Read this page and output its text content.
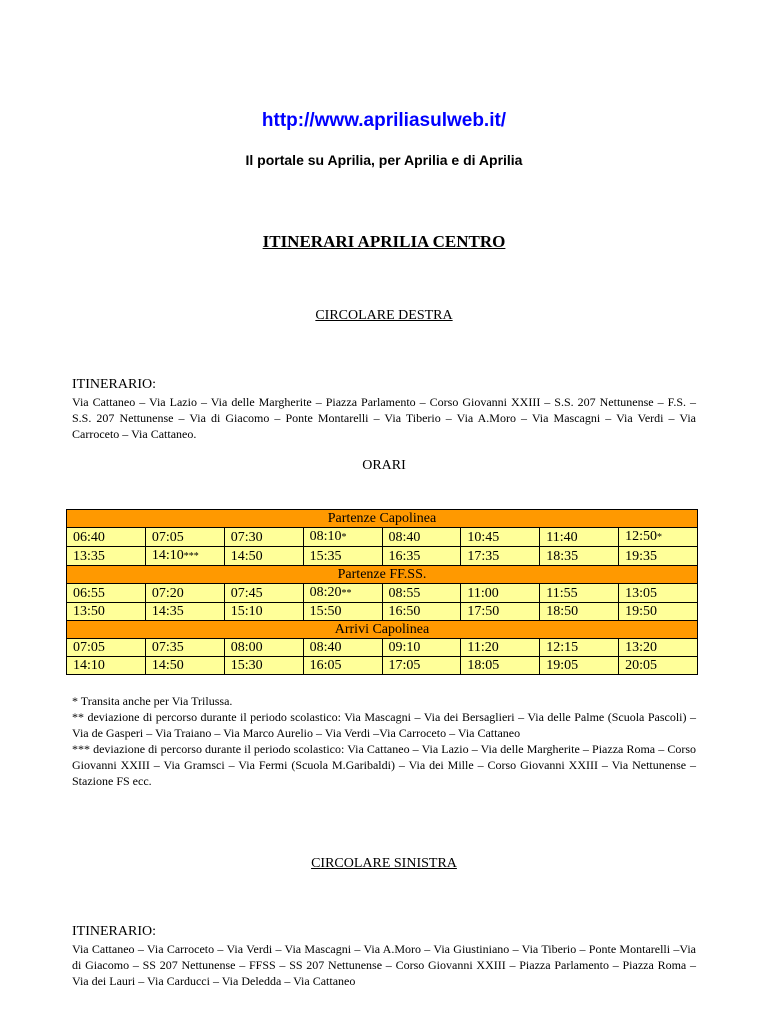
http://www.apriliasulweb.it/
Il portale su Aprilia, per Aprilia e di Aprilia
ITINERARI APRILIA CENTRO
CIRCOLARE DESTRA
ITINERARIO:
Via Cattaneo – Via Lazio – Via delle Margherite – Piazza Parlamento – Corso Giovanni XXIII – S.S. 207 Nettunense – F.S. – S.S. 207 Nettunense – Via di Giacomo – Ponte Montarelli – Via Tiberio – Via A.Moro – Via Mascagni – Via Verdi – Via Carroceto – Via Cattaneo.
ORARI
Partenze Capolinea							
06:40	07:05	07:30	08:10*	08:40	10:45	11:40	12:50*
13:35	14:10***	14:50	15:35	16:35	17:35	18:35	19:35
Partenze FF.SS.							
06:55	07:20	07:45	08:20**	08:55	11:00	11:55	13:05
13:50	14:35	15:10	15:50	16:50	17:50	18:50	19:50
Arrivi Capolinea							
07:05	07:35	08:00	08:40	09:10	11:20	12:15	13:20
14:10	14:50	15:30	16:05	17:05	18:05	19:05	20:05

* Transita anche per Via Trilussa.

** deviazione di percorso durante il periodo scolastico: Via Mascagni – Via dei Bersaglieri – Via delle Palme (Scuola Pascoli) – Via de Gasperi – Via Traiano – Via Marco Aurelio – Via Verdi –Via Carroceto – Via Cattaneo

*** deviazione di percorso durante il periodo scolastico: Via Cattaneo – Via Lazio – Via delle Margherite – Piazza Roma – Corso Giovanni XXIII – Via Gramsci – Via Fermi (Scuola M.Garibaldi) – Via dei Mille – Corso Giovanni XXIII – Via Nettunense – Stazione FS ecc.

CIRCOLARE SINISTRA
ITINERARIO:
Via Cattaneo – Via Carroceto – Via Verdi – Via Mascagni – Via A.Moro – Via Giustiniano – Via Tiberio – Ponte Montarelli –Via di Giacomo – SS 207 Nettunense – FFSS – SS 207 Nettunense – Corso Giovanni XXIII – Piazza Parlamento – Piazza Roma – Via dei Lauri – Via Carducci – Via Deledda – Via Cattaneo
